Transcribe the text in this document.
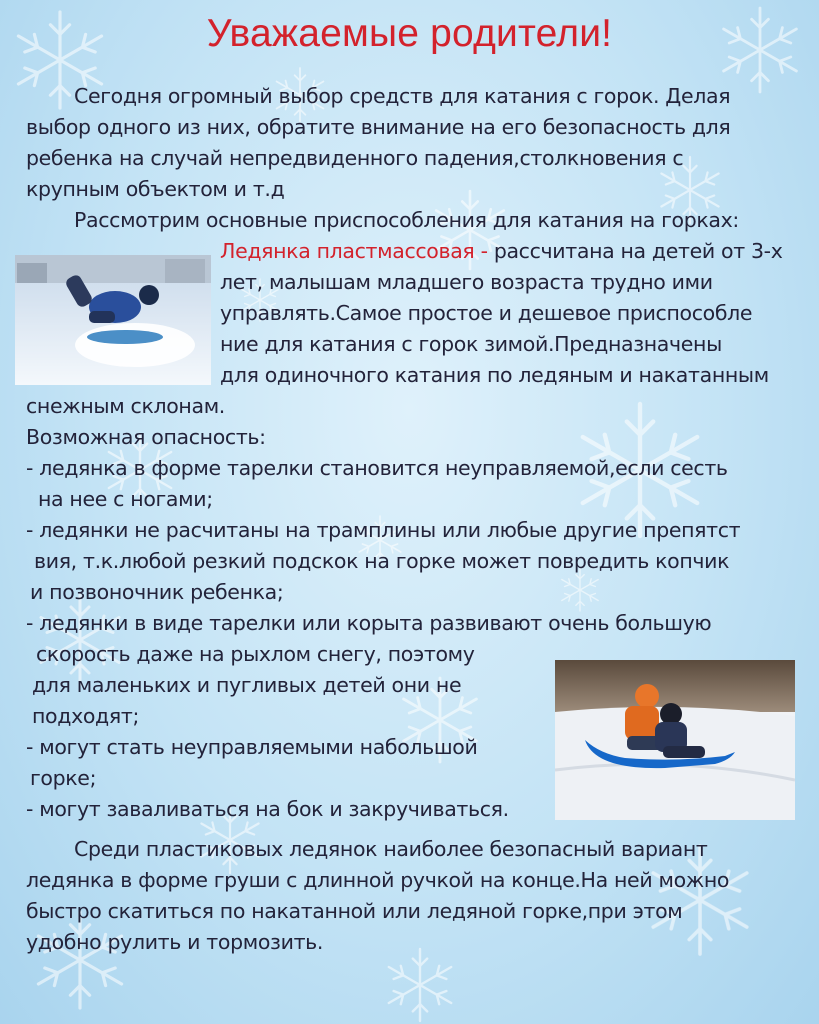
Уважаемые родители!
Сегодня огромный выбор средств для катания с горок. Делая
выбор одного из них, обратите внимание на его безопасность для
ребенка на случай непредвиденного падения,столкновения с
крупным объектом и т.д
Рассмотрим основные приспособления для катания на горках:
Ледянка пластмассовая - рассчитана на детей от 3-х
лет, малышам младшего возраста трудно ими
управлять.Самое простое и дешевое приспособле
ние для катания с горок зимой.Предназначены
для одиночного катания по ледяным и накатанным
снежным склонам.
Возможная опасность:
- ледянка в форме тарелки становится неуправляемой,если сесть
на нее с ногами;
- ледянки не расчитаны на трамплины или любые другие препятст
вия, т.к.любой резкий подскок на горке может повредить копчик
и позвоночник ребенка;
- ледянки в виде тарелки или корыта развивают очень большую
скорость даже на рыхлом снегу, поэтому
для маленьких и пугливых детей они не
подходят;
- могут стать неуправляемыми набольшой
горке;
- могут заваливаться на бок и закручиваться.
Среди пластиковых ледянок наиболее безопасный вариант
ледянка в форме груши с длинной ручкой на конце.На ней можно
быстро скатиться по накатанной или ледяной горке,при этом
удобно рулить и тормозить.
